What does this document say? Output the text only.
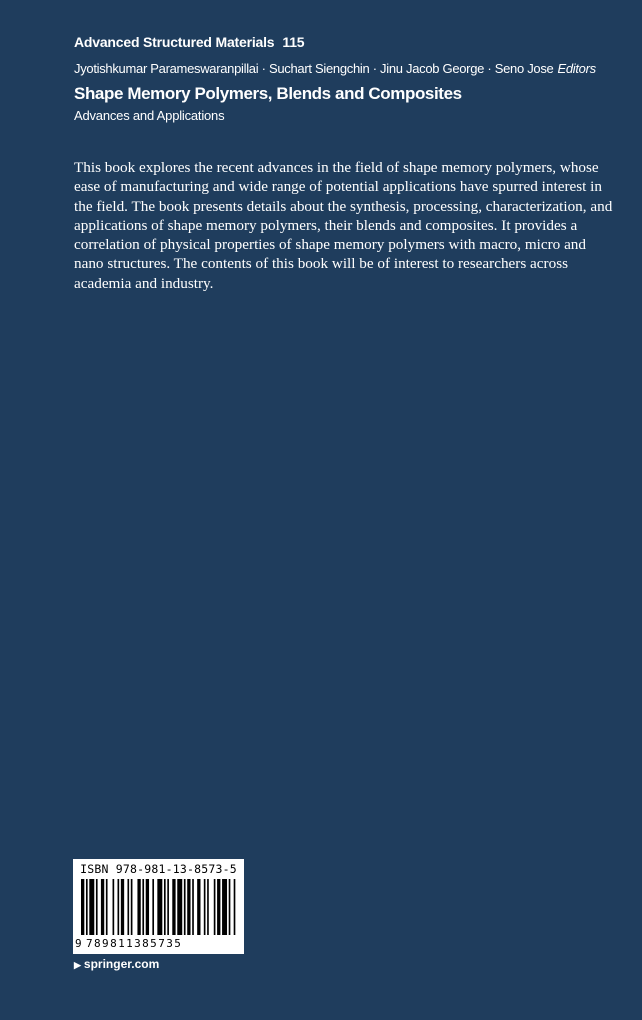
Advanced Structured Materials 115
Jyotishkumar Parameswaranpillai · Suchart Siengchin · Jinu Jacob George · Seno Jose Editors
Shape Memory Polymers, Blends and Composites
Advances and Applications

This book explores the recent advances in the field of shape memory polymers, whose ease of manufacturing and wide range of potential applications have spurred interest in the field. The book presents details about the synthesis, processing, characterization, and applications of shape memory polymers, their blends and composites. It provides a correlation of physical properties of shape memory polymers with macro, micro and nano structures. The contents of this book will be of interest to researchers across academia and industry.

ISBN 978-981-13-8573-5
9 789811385735
▶ springer.com
